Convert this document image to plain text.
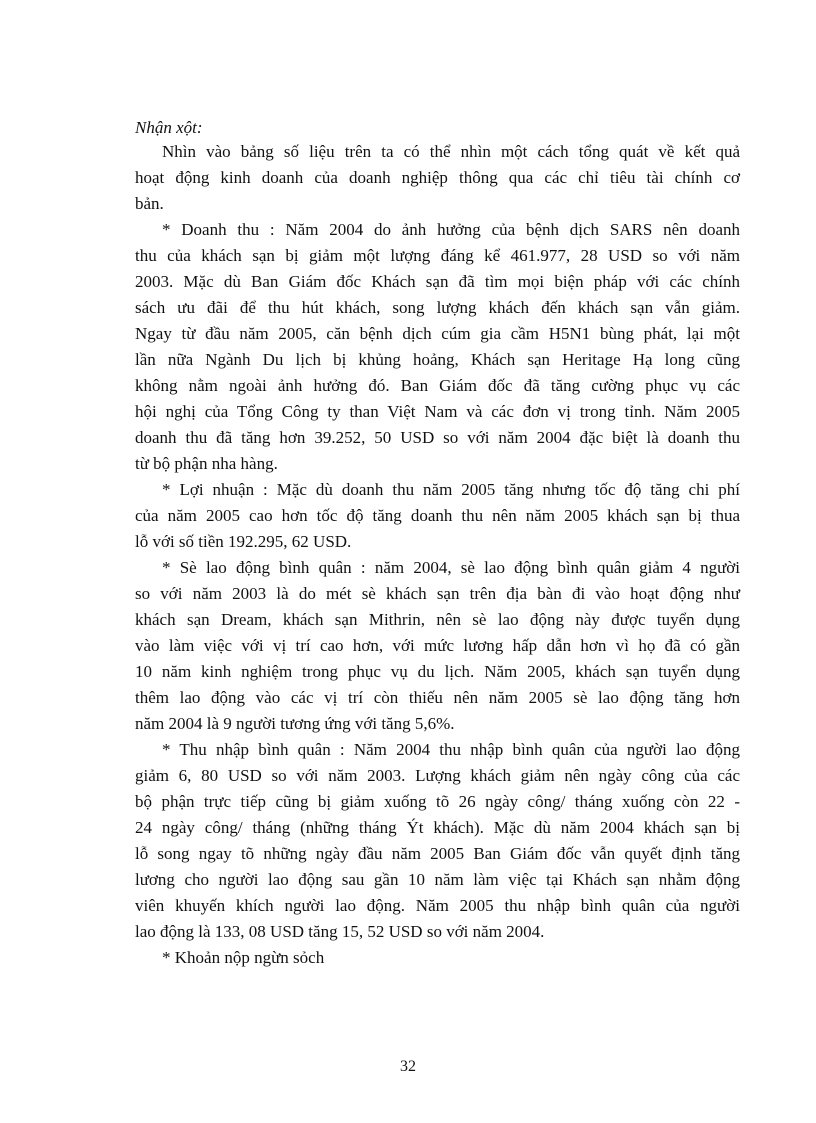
Nhận xột:
Nhìn vào bảng số liệu trên ta có thể nhìn một cách tổng quát về kết quả
hoạt động kinh doanh của doanh nghiệp thông qua các chỉ tiêu tài chính cơ
bản.
* Doanh thu : Năm 2004 do ảnh hưởng của bệnh dịch SARS nên doanh
thu của khách sạn bị giảm một lượng đáng kể 461.977, 28 USD so với năm
2003. Mặc dù Ban Giám đốc Khách sạn đã tìm mọi biện pháp với các chính
sách ưu đãi để thu hút khách, song lượng khách đến khách sạn vẫn giảm.
Ngay từ đầu năm 2005, căn bệnh dịch cúm gia cầm H5N1 bùng phát, lại một
lần nữa Ngành Du lịch bị khủng hoảng, Khách sạn Heritage Hạ long cũng
không nằm ngoài ảnh hưởng đó. Ban Giám đốc đã tăng cường phục vụ các
hội nghị của Tổng Công ty than Việt Nam và các đơn vị trong tỉnh. Năm 2005
doanh thu đã tăng hơn 39.252, 50 USD so với năm 2004 đặc biệt là doanh thu
từ bộ phận nha hàng.
* Lợi nhuận : Mặc dù doanh thu năm 2005 tăng nhưng tốc độ tăng chi phí
của năm 2005 cao hơn tốc độ tăng doanh thu nên năm 2005 khách sạn bị thua
lỗ với số tiền 192.295, 62 USD.
* Sè lao động bình quân : năm 2004, sè lao động bình quân giảm 4 người
so với năm 2003 là do mét sè khách sạn trên địa bàn đi vào hoạt động như
khách sạn Dream, khách sạn Mithrin, nên sè lao động này được tuyển dụng
vào làm việc với vị trí cao hơn, với mức lương hấp dẫn hơn vì họ đã có gần
10 năm kinh nghiệm trong phục vụ du lịch. Năm 2005, khách sạn tuyển dụng
thêm lao động vào các vị trí còn thiếu nên năm 2005 sè lao động tăng hơn
năm 2004 là 9 người tương ứng với tăng 5,6%.
* Thu nhập bình quân : Năm 2004 thu nhập bình quân của người lao động
giảm 6, 80 USD so với năm 2003. Lượng khách giảm nên ngày công của các
bộ phận trực tiếp cũng bị giảm xuống tõ 26 ngày công/ tháng xuống còn 22 -
24 ngày công/ tháng (những tháng Ýt khách). Mặc dù năm 2004 khách sạn bị
lỗ song ngay tõ những ngày đầu năm 2005 Ban Giám đốc vẫn quyết định tăng
lương cho người lao động sau gần 10 năm làm việc tại Khách sạn nhằm động
viên khuyến khích người lao động. Năm 2005 thu nhập bình quân của người
lao động là 133, 08 USD tăng 15, 52 USD so với năm 2004.
* Khoản nộp ngừn sỏch
32
